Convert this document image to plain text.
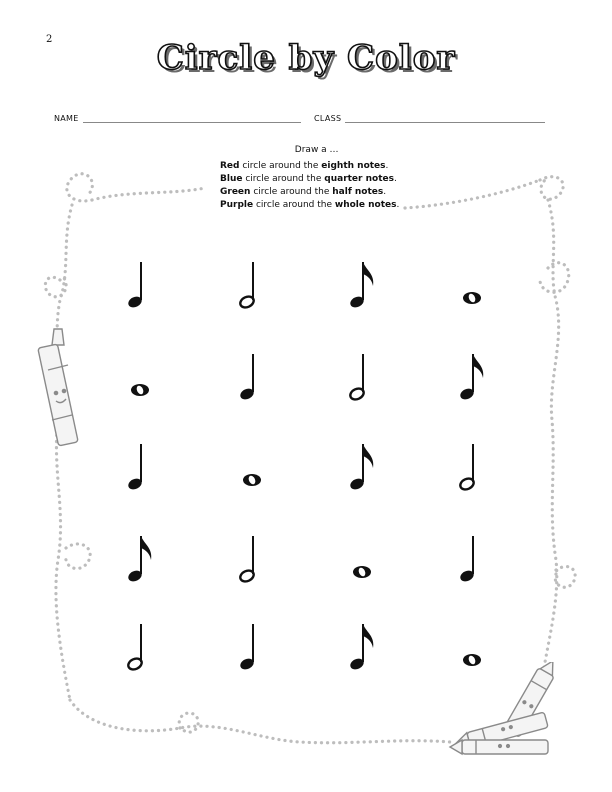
2	Circle by Color
NAME	CLASS
Draw a …
Red circle around the eighth notes.
Blue circle around the quarter notes.
Green circle around the half notes.
Purple circle around the whole notes.
